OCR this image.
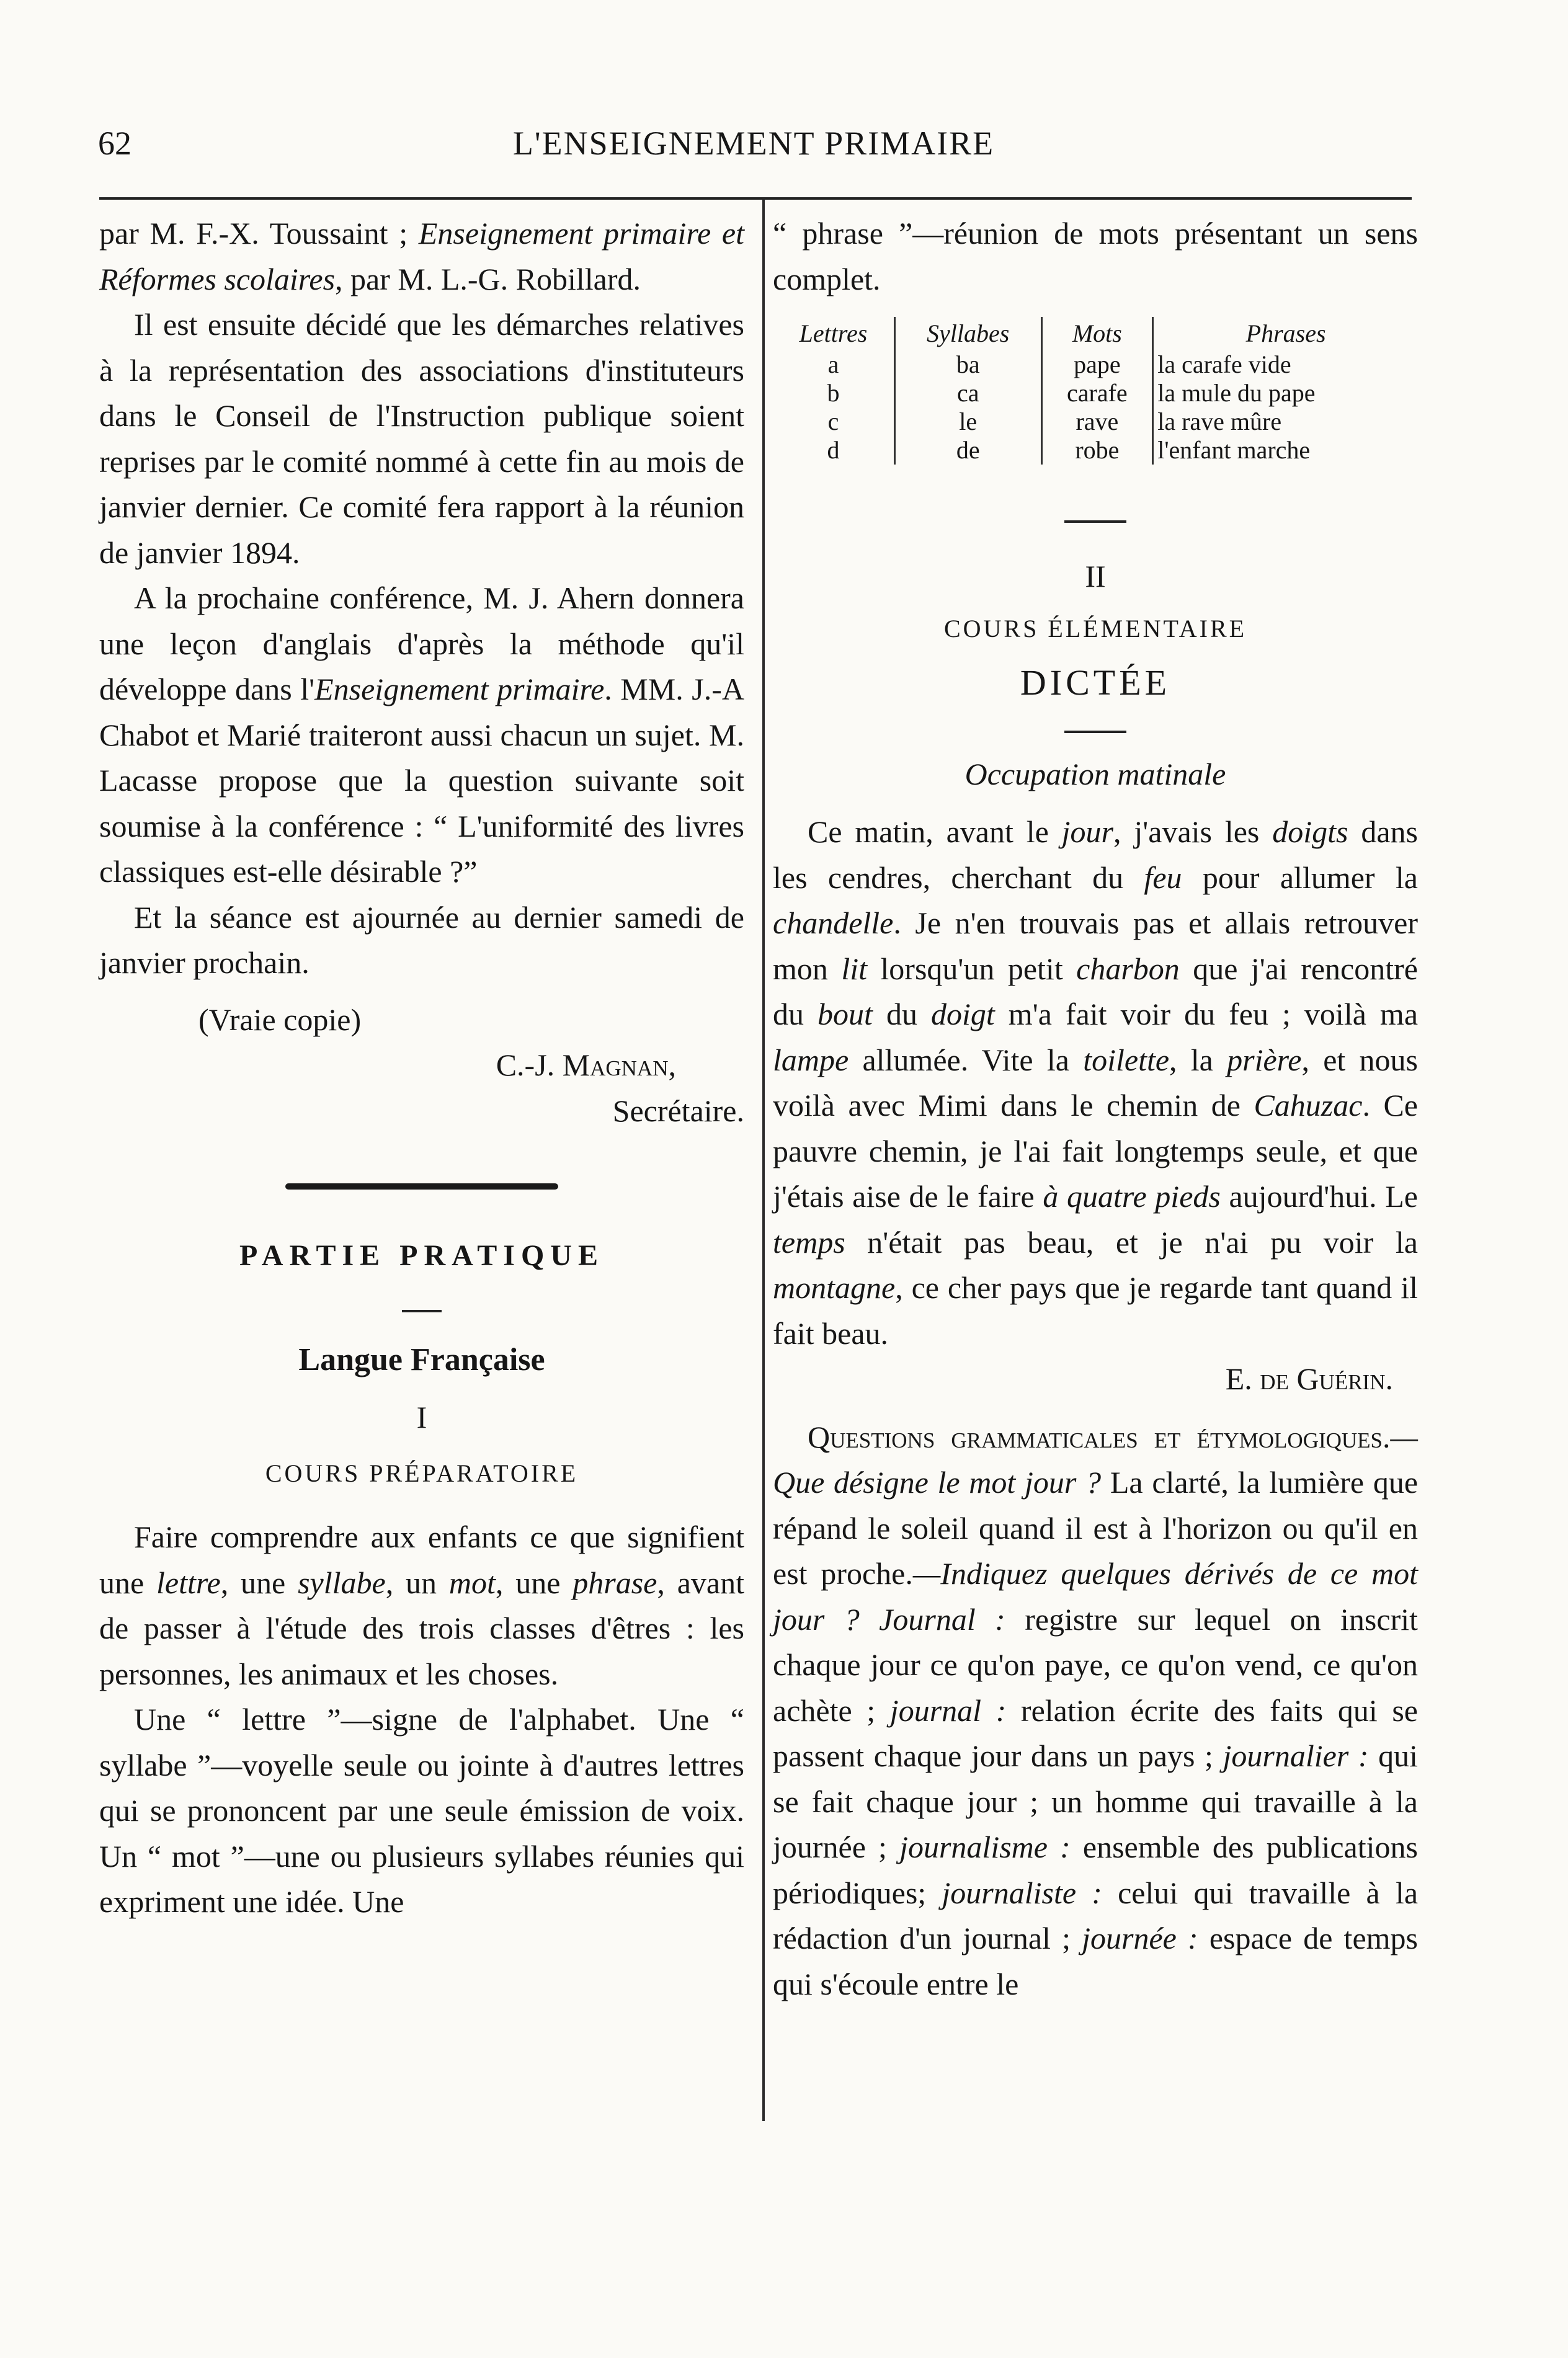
62	L'ENSEIGNEMENT PRIMAIRE

par M. F.-X. Toussaint ; Enseignement primaire et Réformes scolaires, par M. L.-G. Robillard.

Il est ensuite décidé que les démarches relatives à la représentation des associations d'instituteurs dans le Conseil de l'Instruction publique soient reprises par le comité nommé à cette fin au mois de janvier dernier. Ce comité fera rapport à la réunion de janvier 1894.

A la prochaine conférence, M. J. Ahern donnera une leçon d'anglais d'après la méthode qu'il développe dans l'Enseignement primaire. MM. J.-A Chabot et Marié traiteront aussi chacun un sujet. M. Lacasse propose que la question suivante soit soumise à la conférence : “ L'uniformité des livres classiques est-elle désirable ?”

Et la séance est ajournée au dernier samedi de janvier prochain.

(Vraie copie)

C.-J. Magnan,

Secrétaire.

PARTIE PRATIQUE

Langue Française

I

COURS PRÉPARATOIRE

Faire comprendre aux enfants ce que signifient une lettre, une syllabe, un mot, une phrase, avant de passer à l'étude des trois classes d'êtres : les personnes, les animaux et les choses.

Une “ lettre ”—signe de l'alphabet. Une “ syllabe ”—voyelle seule ou jointe à d'autres lettres qui se prononcent par une seule émission de voix. Un “ mot ”—une ou plusieurs syllabes réunies qui expriment une idée. Une

“ phrase ”—réunion de mots présentant un sens complet.

Lettres	Syllabes	Mots	Phrases
a	ba	pape	la carafe vide
b	ca	carafe	la mule du pape
c	le	rave	la rave mûre
d	de	robe	l'enfant marche

II

COURS ÉLÉMENTAIRE

DICTÉE

Occupation matinale

Ce matin, avant le jour, j'avais les doigts dans les cendres, cherchant du feu pour allumer la chandelle. Je n'en trouvais pas et allais retrouver mon lit lorsqu'un petit charbon que j'ai rencontré du bout du doigt m'a fait voir du feu ; voilà ma lampe allumée. Vite la toilette, la prière, et nous voilà avec Mimi dans le chemin de Cahuzac. Ce pauvre chemin, je l'ai fait longtemps seule, et que j'étais aise de le faire à quatre pieds aujourd'hui. Le temps n'était pas beau, et je n'ai pu voir la montagne, ce cher pays que je regarde tant quand il fait beau.

E. de Guérin.

Questions grammaticales et étymologiques.—Que désigne le mot jour ? La clarté, la lumière que répand le soleil quand il est à l'horizon ou qu'il en est proche.—Indiquez quelques dérivés de ce mot jour ? Journal : registre sur lequel on inscrit chaque jour ce qu'on paye, ce qu'on vend, ce qu'on achète ; journal : relation écrite des faits qui se passent chaque jour dans un pays ; journalier : qui se fait chaque jour ; un homme qui travaille à la journée ; journalisme : ensemble des publications périodiques; journaliste : celui qui travaille à la rédaction d'un journal ; journée : espace de temps qui s'écoule entre le
